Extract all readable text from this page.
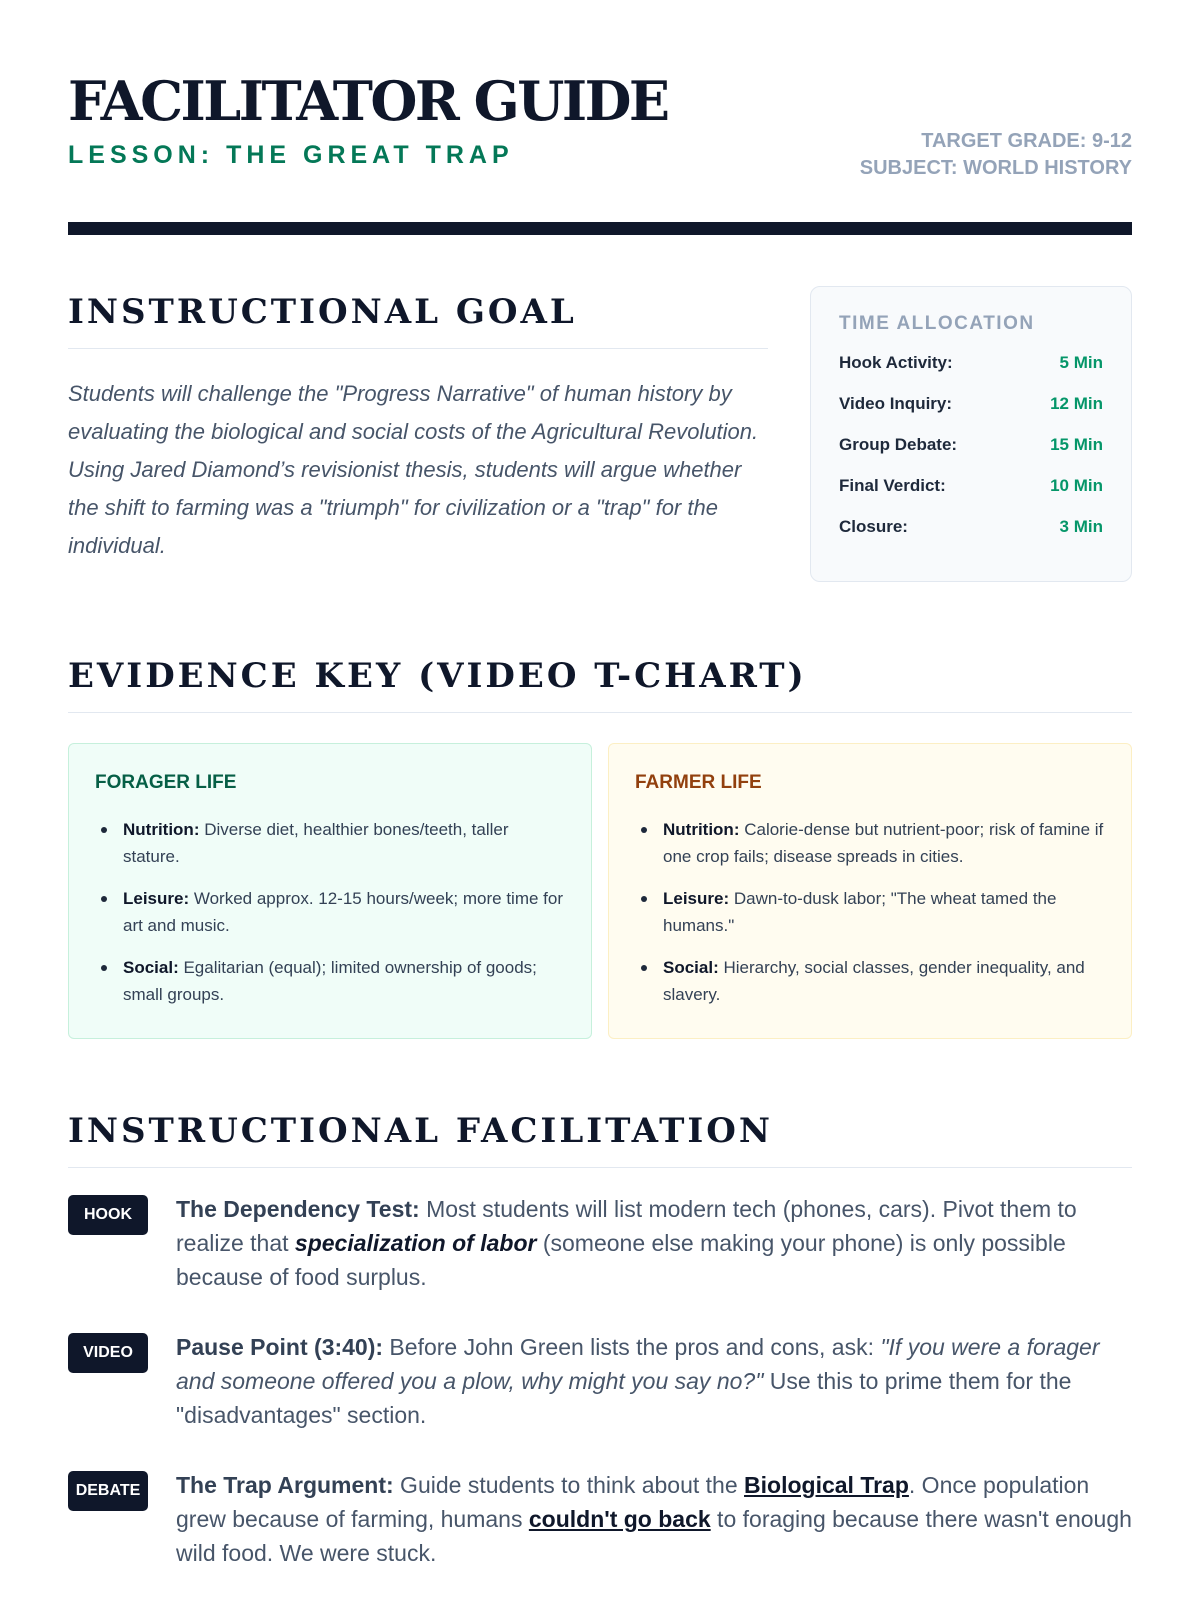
FACILITATOR GUIDE
LESSON: THE GREAT TRAP
TARGET GRADE: 9-12
SUBJECT: WORLD HISTORY
INSTRUCTIONAL GOAL

Students will challenge the "Progress Narrative" of human history by evaluating the biological and social costs of the Agricultural Revolution. Using Jared Diamond’s revisionist thesis, students will argue whether the shift to farming was a "triumph" for civilization or a "trap" for the individual.

TIME ALLOCATION
Hook Activity:	5 Min
Video Inquiry:	12 Min
Group Debate:	15 Min
Final Verdict:	10 Min
Closure:	3 Min
EVIDENCE KEY (VIDEO T-CHART)
FORAGER LIFE
Nutrition: Diverse diet, healthier bones/teeth, taller stature.
Leisure: Worked approx. 12-15 hours/week; more time for art and music.
Social: Egalitarian (equal); limited ownership of goods; small groups.
FARMER LIFE
Nutrition: Calorie-dense but nutrient-poor; risk of famine if one crop fails; disease spreads in cities.
Leisure: Dawn-to-dusk labor; "The wheat tamed the humans."
Social: Hierarchy, social classes, gender inequality, and slavery.
INSTRUCTIONAL FACILITATION
HOOK	The Dependency Test: Most students will list modern tech (phones, cars). Pivot them to realize that specialization of labor (someone else making your phone) is only possible because of food surplus.

VIDEO	Pause Point (3:40): Before John Green lists the pros and cons, ask: "If you were a forager and someone offered you a plow, why might you say no?" Use this to prime them for the "disadvantages" section.

DEBATE	The Trap Argument: Guide students to think about the Biological Trap. Once population grew because of farming, humans couldn't go back to foraging because there wasn't enough wild food. We were stuck.
